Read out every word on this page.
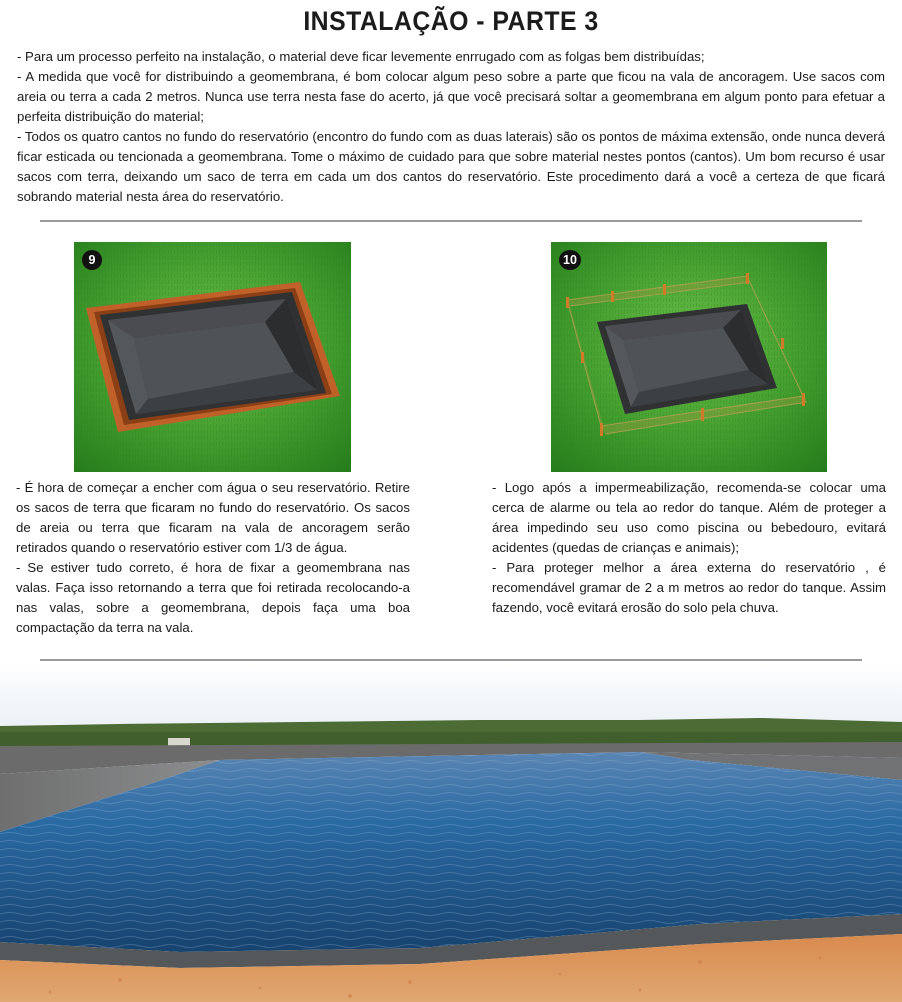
INSTALAÇÃO - PARTE 3

- Para um processo perfeito na instalação, o material deve ficar levemente enrrugado com as folgas bem distribuídas;

- A medida que você for distribuindo a geomembrana, é bom colocar algum peso sobre a parte que ficou na vala de ancoragem. Use sacos com areia ou terra a cada 2 metros. Nunca use terra nesta fase do acerto, já que você precisará soltar a geomembrana em algum ponto para efetuar a perfeita distribuição do material;

- Todos os quatro cantos no fundo do reservatório (encontro do fundo com as duas laterais) são os pontos de máxima extensão, onde nunca deverá ficar esticada ou tencionada a geomembrana. Tome o máximo de cuidado para que sobre material nestes pontos (cantos). Um bom recurso é usar sacos com terra, deixando um saco de terra em cada um dos cantos do reservatório. Este procedimento dará a você a certeza de que ficará sobrando material nesta área do reservatório.

9	10

- É hora de começar a encher com água o seu reservatório. Retire os sacos de terra que ficaram no fundo do reservatório. Os sacos de areia ou terra que ficaram na vala de ancoragem serão retirados quando o reservatório estiver com 1/3 de água.

- Se estiver tudo correto, é hora de fixar a geomembrana nas valas. Faça isso retornando a terra que foi retirada recolocando-a nas valas, sobre a geomembrana, depois faça uma boa compactação da terra na vala.

- Logo após a impermeabilização, recomenda-se colocar uma cerca de alarme ou tela ao redor do tanque. Além de proteger a área impedindo seu uso como piscina ou bebedouro, evitará acidentes (quedas de crianças e animais);

- Para proteger melhor a área externa do reservatório , é recomendável gramar de 2 a m metros ao redor do tanque. Assim fazendo, você evitará erosão do solo pela chuva.
